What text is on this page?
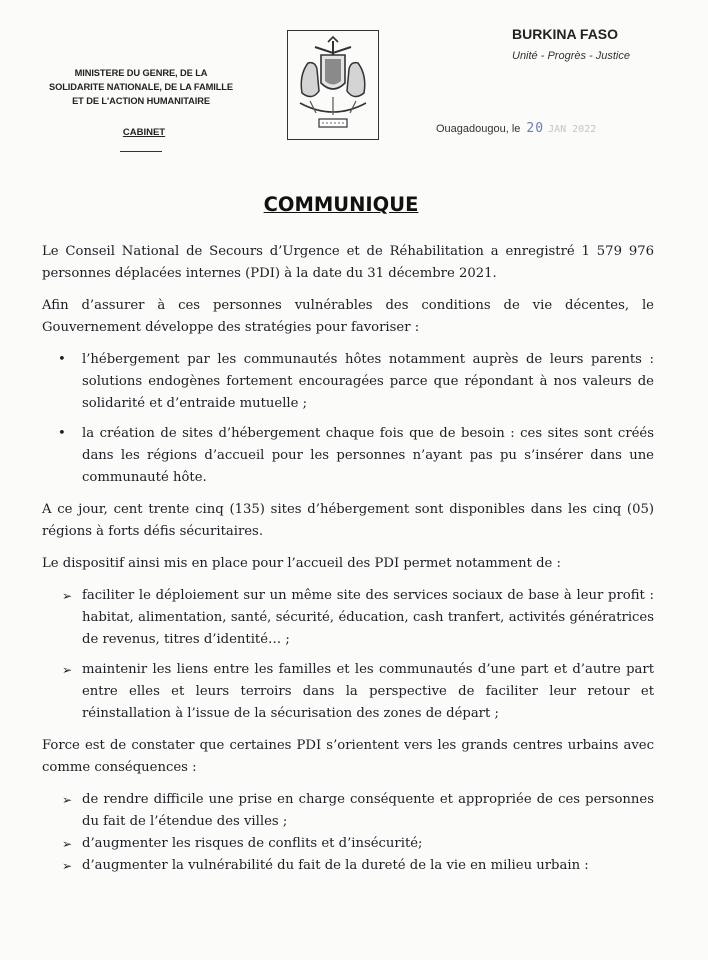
MINISTERE DU GENRE, DE LA
SOLIDARITE NATIONALE, DE LA FAMILLE
ET DE L'ACTION HUMANITAIRE
CABINET
BURKINA FASO
Unité - Progrès - Justice
Ouagadougou, le 20 JAN 2022
COMMUNIQUE

Le Conseil National de Secours d’Urgence et de Réhabilitation a enregistré 1 579 976 personnes déplacées internes (PDI) à la date du 31 décembre 2021.

Afin d’assurer à ces personnes vulnérables des conditions de vie décentes, le Gouvernement développe des stratégies pour favoriser :

• l’hébergement par les communautés hôtes notamment auprès de leurs parents : solutions endogènes fortement encouragées parce que répondant à nos valeurs de solidarité et d’entraide mutuelle ;
• la création de sites d’hébergement chaque fois que de besoin : ces sites sont créés dans les régions d’accueil pour les personnes n’ayant pas pu s’insérer dans une communauté hôte.

A ce jour, cent trente cinq (135) sites d’hébergement sont disponibles dans les cinq (05) régions à forts défis sécuritaires.

Le dispositif ainsi mis en place pour l’accueil des PDI permet notamment de :

➢ faciliter le déploiement sur un même site des services sociaux de base à leur profit : habitat, alimentation, santé, sécurité, éducation, cash tranfert, activités génératrices de revenus, titres d’identité… ;
➢ maintenir les liens entre les familles et les communautés d’une part et d’autre part entre elles et leurs terroirs dans la perspective de faciliter leur retour et réinstallation à l’issue de la sécurisation des zones de départ ;

Force est de constater que certaines PDI s’orientent vers les grands centres urbains avec comme conséquences :

➢ de rendre difficile une prise en charge conséquente et appropriée de ces personnes du fait de l’étendue des villes ;
➢ d’augmenter les risques de conflits et d’insécurité;
➢ d’augmenter la vulnérabilité du fait de la dureté de la vie en milieu urbain :
